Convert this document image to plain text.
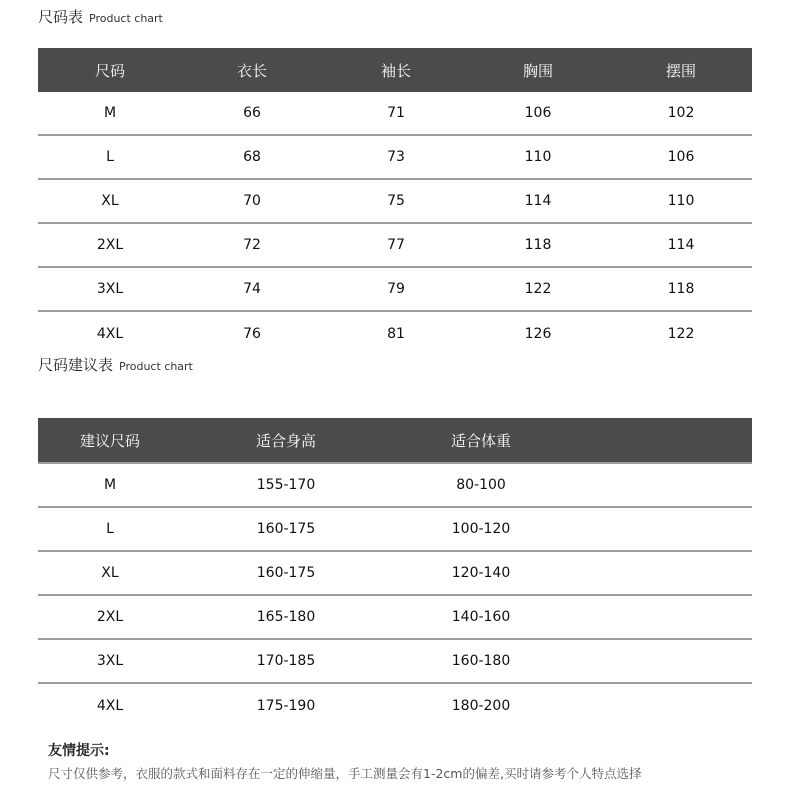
尺码表 Product chart
尺码	衣长	袖长	胸围	摆围
M	66	71	106	102
L	68	73	110	106
XL	70	75	114	110
2XL	72	77	118	114
3XL	74	79	122	118
4XL	76	81	126	122
尺码建议表 Product chart
建议尺码	适合身高	适合体重
M	155-170	80-100
L	160-175	100-120
XL	160-175	120-140
2XL	165-180	140-160
3XL	170-185	160-180
4XL	175-190	180-200
友情提示:
尺寸仅供参考，衣服的款式和面料存在一定的伸缩量，手工测量会有1-2cm的偏差,买时请参考个人特点选择
